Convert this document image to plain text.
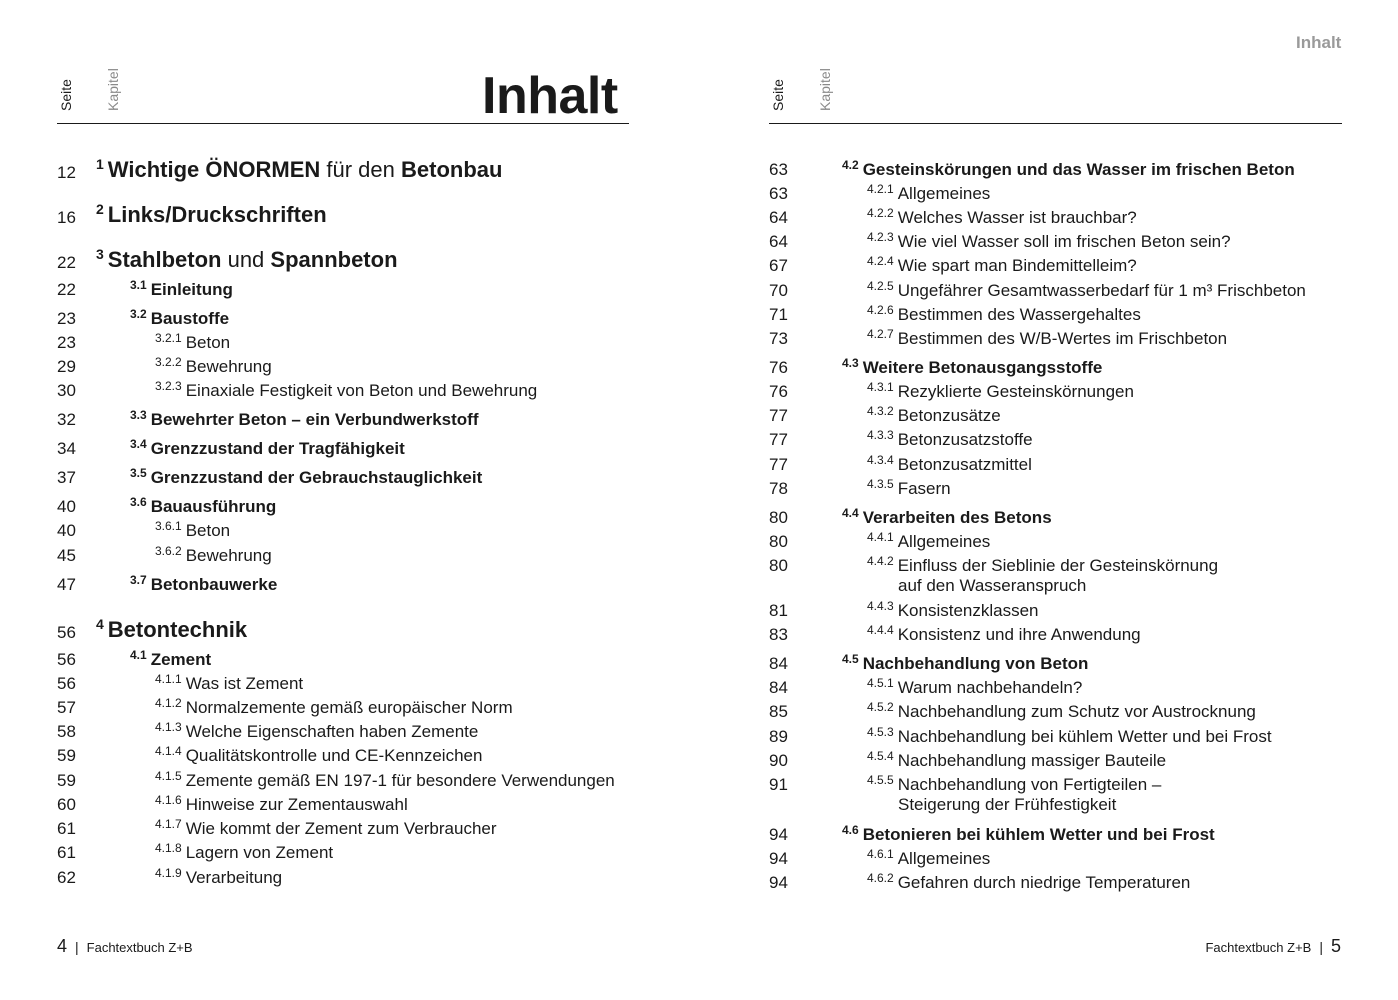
Seite Kapitel	Inhalt
12 $^1$ Wichtige ÖNORMEN für den Betonbau
16 $^2$ Links/Druckschriften
22 $^3$ Stahlbeton und Spannbeton
22	$^{3.1}$ Einleitung
23	$^{3.2}$ Baustoffe
23	$^{3.2.1}$ Beton
29	$^{3.2.2}$ Bewehrung
30	$^{3.2.3}$ Einaxiale Festigkeit von Beton und Bewehrung
32	$^{3.3}$ Bewehrter Beton – ein Verbundwerkstoff
34	$^{3.4}$ Grenzzustand der Tragfähigkeit
37	$^{3.5}$ Grenzzustand der Gebrauchstauglichkeit
40	$^{3.6}$ Bauausführung
40	$^{3.6.1}$ Beton
45	$^{3.6.2}$ Bewehrung
47	$^{3.7}$ Betonbauwerke
56 $^4$ Betontechnik
56	$^{4.1}$ Zement
56	$^{4.1.1}$ Was ist Zement
57	$^{4.1.2}$ Normalzemente gemäß europäischer Norm
58	$^{4.1.3}$ Welche Eigenschaften haben Zemente
59	$^{4.1.4}$ Qualitätskontrolle und CE-Kennzeichen
59	$^{4.1.5}$ Zemente gemäß EN 197-1 für besondere Verwendungen
60	$^{4.1.6}$ Hinweise zur Zementauswahl
61	$^{4.1.7}$ Wie kommt der Zement zum Verbraucher
61	$^{4.1.8}$ Lagern von Zement
62	$^{4.1.9}$ Verarbeitung
4 | Fachtextbuch Z+B
Inhalt
Seite Kapitel
63	$^{4.2}$ Gesteinskörungen und das Wasser im frischen Beton
63	$^{4.2.1}$ Allgemeines
64	$^{4.2.2}$ Welches Wasser ist brauchbar?
64	$^{4.2.3}$ Wie viel Wasser soll im frischen Beton sein?
67	$^{4.2.4}$ Wie spart man Bindemittelleim?
70	$^{4.2.5}$ Ungefährer Gesamtwasserbedarf für 1 m³ Frischbeton
71	$^{4.2.6}$ Bestimmen des Wassergehaltes
73	$^{4.2.7}$ Bestimmen des W/B-Wertes im Frischbeton
76	$^{4.3}$ Weitere Betonausgangsstoffe
76	$^{4.3.1}$ Rezyklierte Gesteinskörnungen
77	$^{4.3.2}$ Betonzusätze
77	$^{4.3.3}$ Betonzusatzstoffe
77	$^{4.3.4}$ Betonzusatzmittel
78	$^{4.3.5}$ Fasern
80	$^{4.4}$ Verarbeiten des Betons
80	$^{4.4.1}$ Allgemeines
80	$^{4.4.2}$ Einfluss der Sieblinie der Gesteinskörnung
auf den Wasseranspruch
81	$^{4.4.3}$ Konsistenzklassen
83	$^{4.4.4}$ Konsistenz und ihre Anwendung
84	$^{4.5}$ Nachbehandlung von Beton
84	$^{4.5.1}$ Warum nachbehandeln?
85	$^{4.5.2}$ Nachbehandlung zum Schutz vor Austrocknung
89	$^{4.5.3}$ Nachbehandlung bei kühlem Wetter und bei Frost
90	$^{4.5.4}$ Nachbehandlung massiger Bauteile
91	$^{4.5.5}$ Nachbehandlung von Fertigteilen –
Steigerung der Frühfestigkeit
94	$^{4.6}$ Betonieren bei kühlem Wetter und bei Frost
94	$^{4.6.1}$ Allgemeines
94	$^{4.6.2}$ Gefahren durch niedrige Temperaturen
Fachtextbuch Z+B | 5
